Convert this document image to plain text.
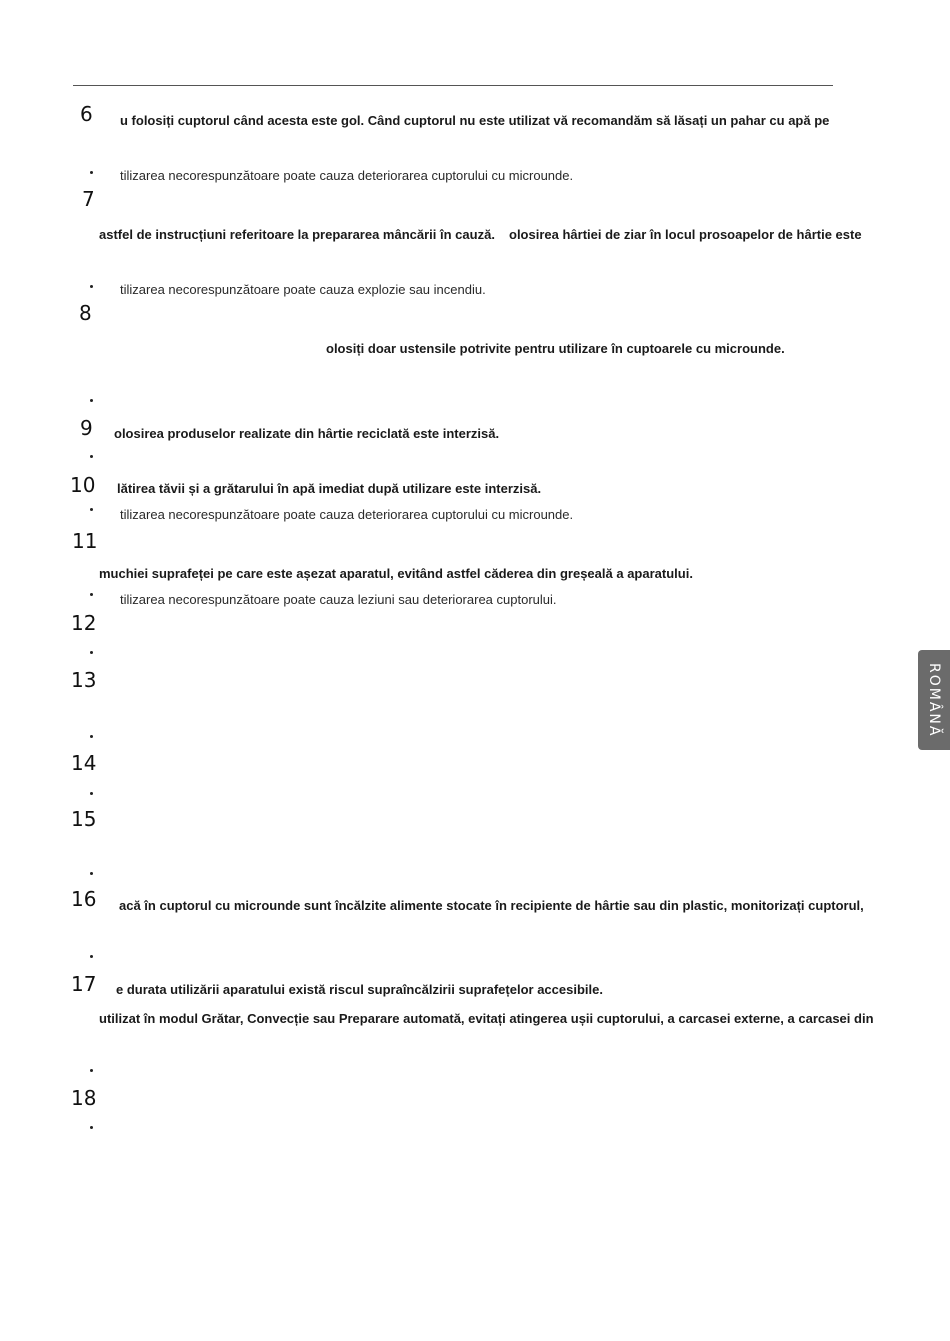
6 u folosiți cuptorul când acesta este gol. Când cuptorul nu este utilizat vă recomandăm să lăsați un pahar cu apă pe
tilizarea necorespunzătoare poate cauza deteriorarea cuptorului cu microunde.
7
astfel de instrucțiuni referitoare la prepararea mâncării în cauză. olosirea hârtiei de ziar în locul prosoapelor de hârtie este
tilizarea necorespunzătoare poate cauza explozie sau incendiu.
8
olosiți doar ustensile potrivite pentru utilizare în cuptoarele cu microunde.
9 olosirea produselor realizate din hârtie reciclată este interzisă.
10 lătirea tăvii și a grătarului în apă imediat după utilizare este interzisă.
tilizarea necorespunzătoare poate cauza deteriorarea cuptorului cu microunde.
11
muchiei suprafeței pe care este așezat aparatul, evitând astfel căderea din greșeală a aparatului.
tilizarea necorespunzătoare poate cauza leziuni sau deteriorarea cuptorului.
12
13
14
15
16 acă în cuptorul cu microunde sunt încălzite alimente stocate în recipiente de hârtie sau din plastic, monitorizați cuptorul,
17 e durata utilizării aparatului există riscul supraîncălzirii suprafețelor accesibile.
utilizat în modul Grătar, Convecție sau Preparare automată, evitați atingerea ușii cuptorului, a carcasei externe, a carcasei din
18
ROMÂNĂ
